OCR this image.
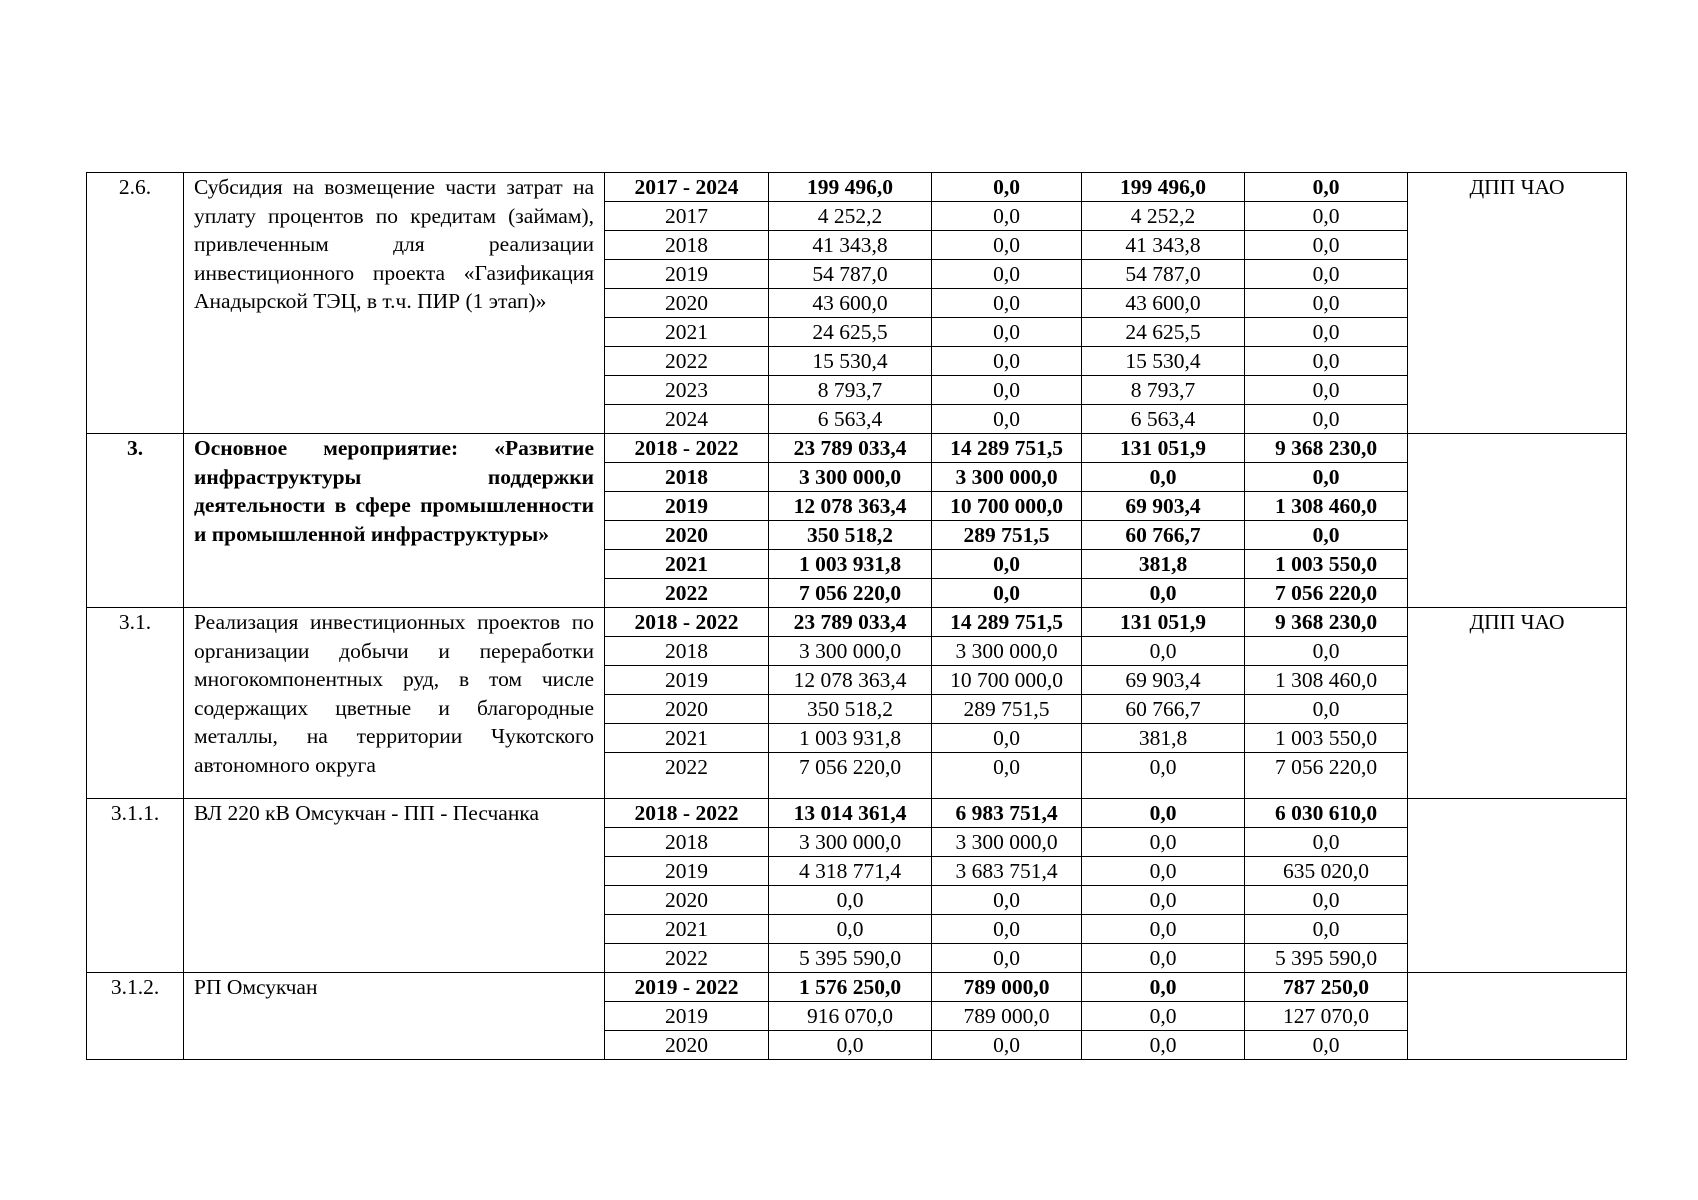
2.6.	Субсидия на возмещение части затрат на уплату процентов по кредитам (займам), привлеченным для реализации инвестиционного проекта «Газификация Анадырской ТЭЦ, в т.ч. ПИР (1 этап)»	2017 - 2024	199 496,0	0,0	199 496,0	0,0	ДПП ЧАО
		2017	4 252,2	0,0	4 252,2	0,0	
		2018	41 343,8	0,0	41 343,8	0,0	
		2019	54 787,0	0,0	54 787,0	0,0	
		2020	43 600,0	0,0	43 600,0	0,0	
		2021	24 625,5	0,0	24 625,5	0,0	
		2022	15 530,4	0,0	15 530,4	0,0	
		2023	8 793,7	0,0	8 793,7	0,0	
		2024	6 563,4	0,0	6 563,4	0,0	
3.	Основное мероприятие: «Развитие инфраструктуры поддержки деятельности в сфере промышленности и промышленной инфраструктуры»	2018 - 2022	23 789 033,4	14 289 751,5	131 051,9	9 368 230,0	
		2018	3 300 000,0	3 300 000,0	0,0	0,0	
		2019	12 078 363,4	10 700 000,0	69 903,4	1 308 460,0	
		2020	350 518,2	289 751,5	60 766,7	0,0	
		2021	1 003 931,8	0,0	381,8	1 003 550,0	
		2022	7 056 220,0	0,0	0,0	7 056 220,0	
3.1.	Реализация инвестиционных проектов по организации добычи и переработки многокомпонентных руд, в том числе содержащих цветные и благородные металлы, на территории Чукотского автономного округа	2018 - 2022	23 789 033,4	14 289 751,5	131 051,9	9 368 230,0	ДПП ЧАО
		2018	3 300 000,0	3 300 000,0	0,0	0,0	
		2019	12 078 363,4	10 700 000,0	69 903,4	1 308 460,0	
		2020	350 518,2	289 751,5	60 766,7	0,0	
		2021	1 003 931,8	0,0	381,8	1 003 550,0	
		2022	7 056 220,0	0,0	0,0	7 056 220,0	
3.1.1.	ВЛ 220 кВ Омсукчан - ПП - Песчанка	2018 - 2022	13 014 361,4	6 983 751,4	0,0	6 030 610,0	
		2018	3 300 000,0	3 300 000,0	0,0	0,0	
		2019	4 318 771,4	3 683 751,4	0,0	635 020,0	
		2020	0,0	0,0	0,0	0,0	
		2021	0,0	0,0	0,0	0,0	
		2022	5 395 590,0	0,0	0,0	5 395 590,0	
3.1.2.	РП Омсукчан	2019 - 2022	1 576 250,0	789 000,0	0,0	787 250,0	
		2019	916 070,0	789 000,0	0,0	127 070,0	
		2020	0,0	0,0	0,0	0,0	
